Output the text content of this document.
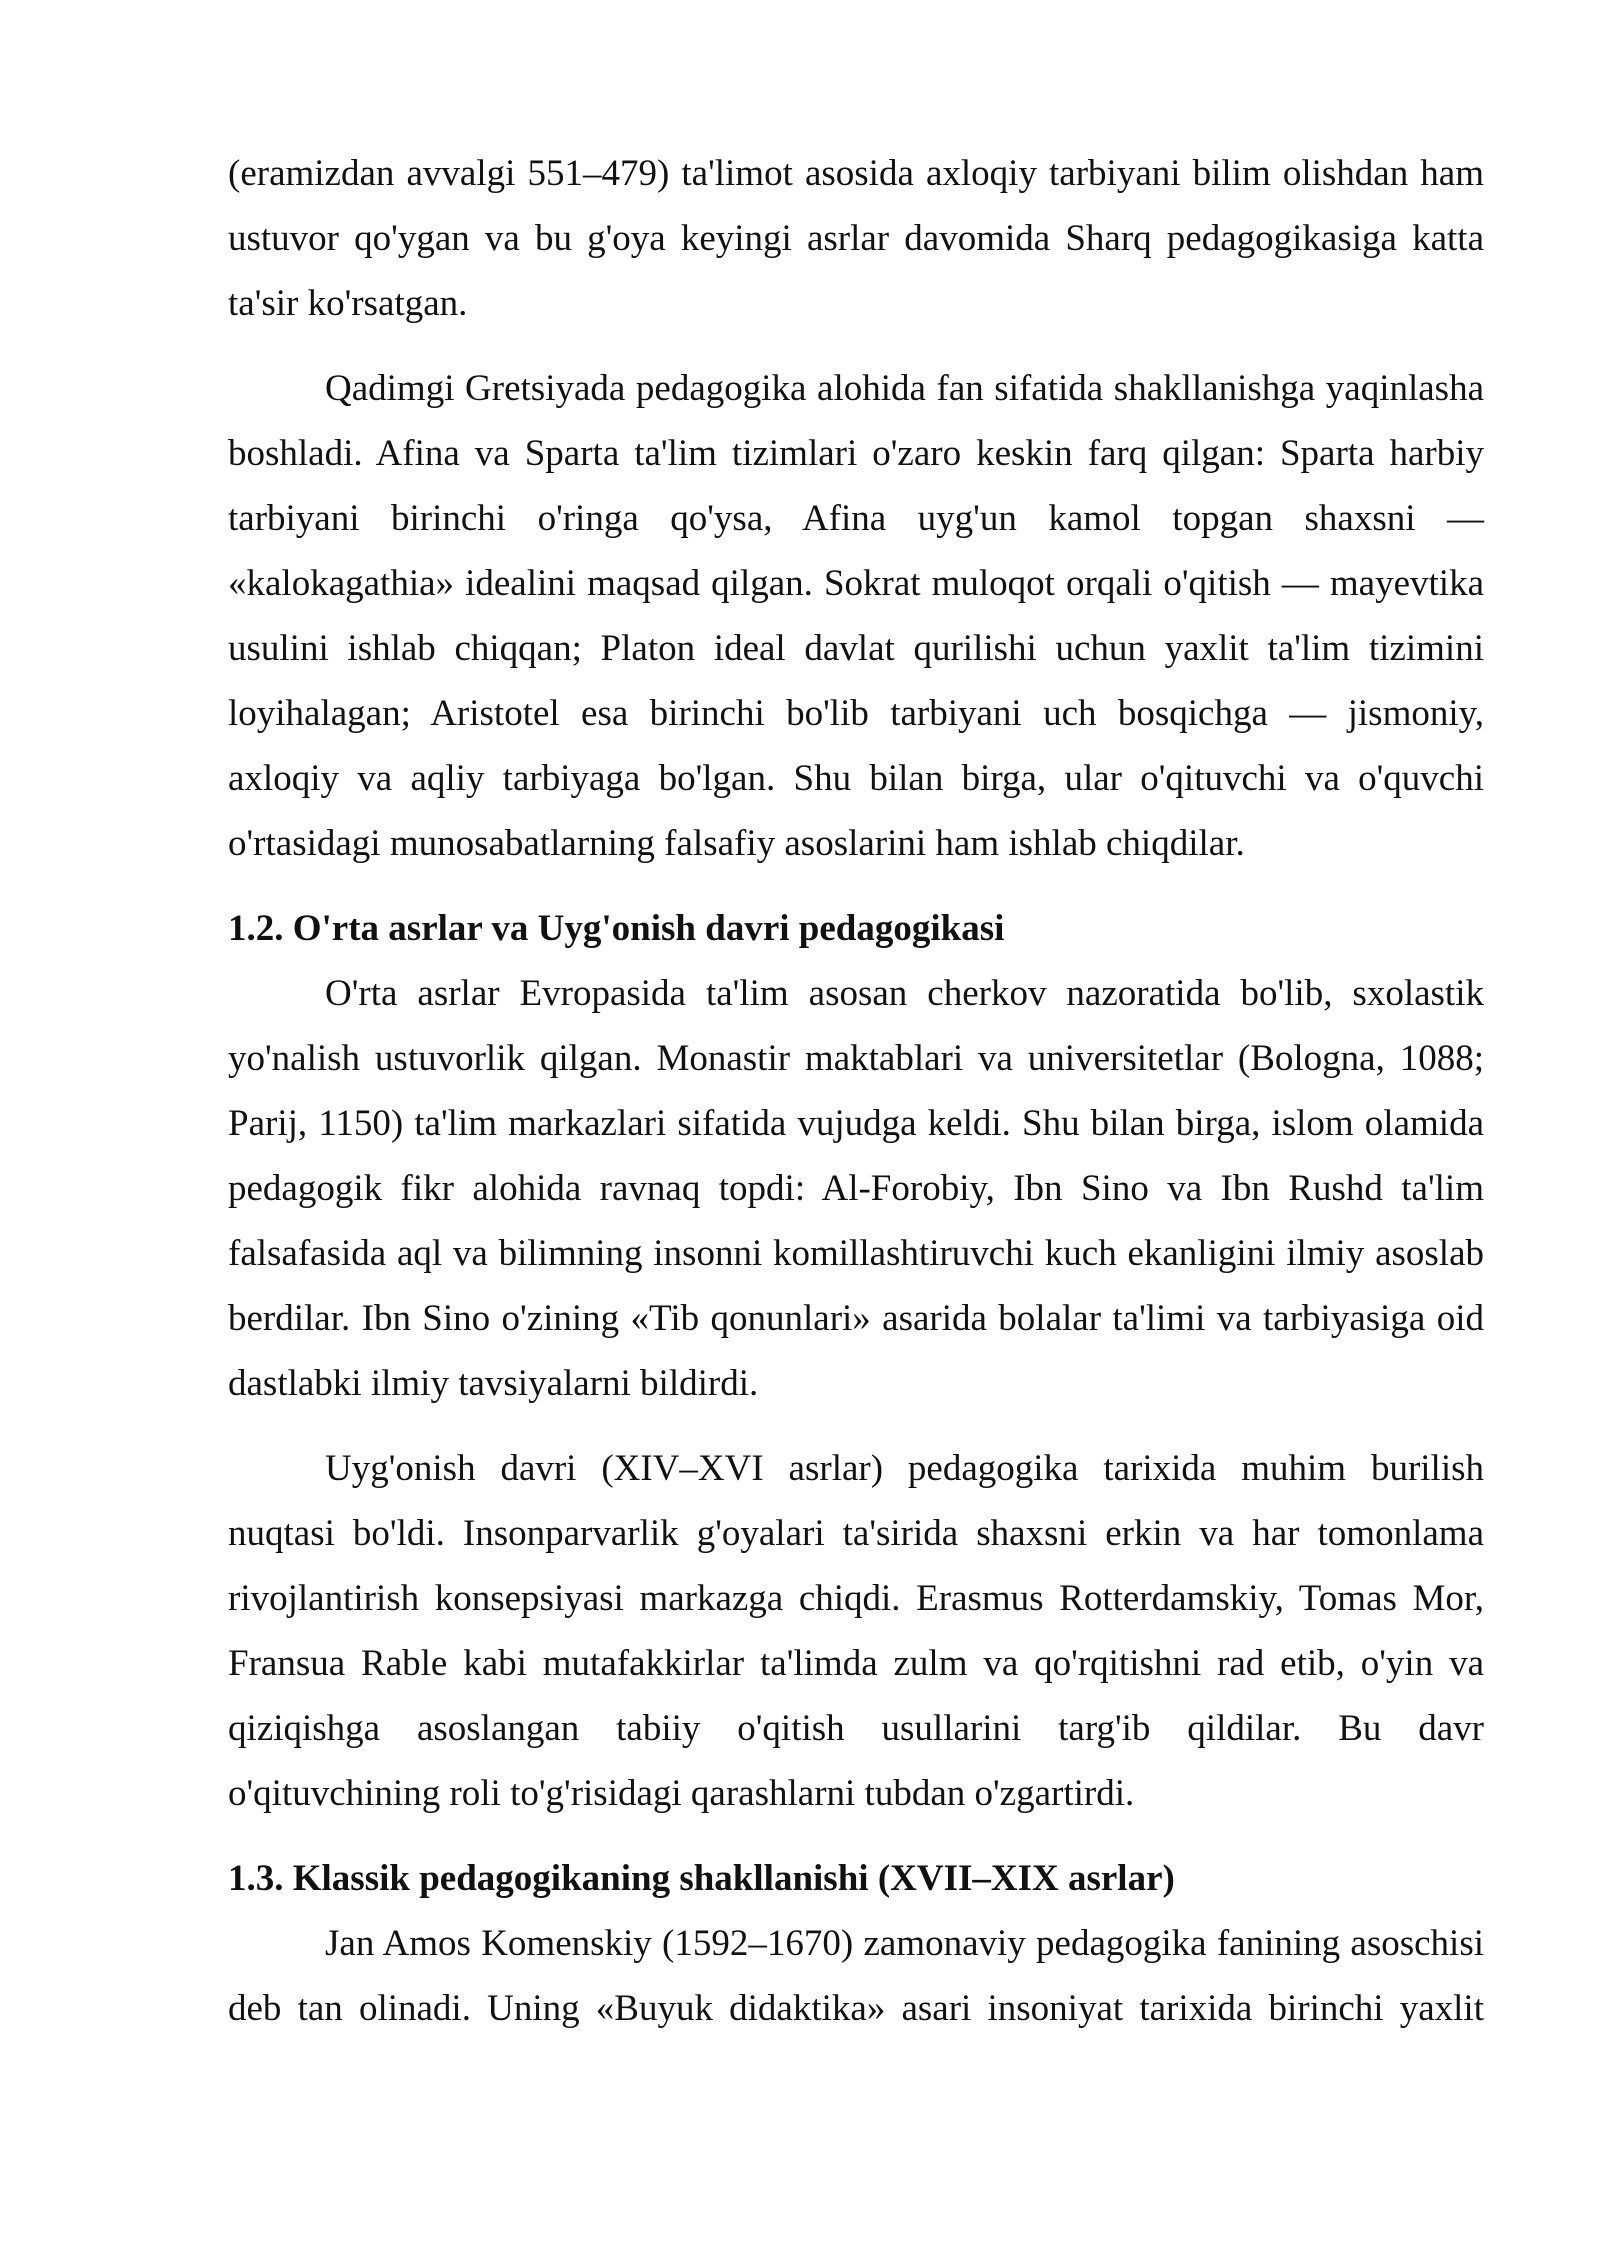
(eramizdan avvalgi 551–479) ta'limot asosida axloqiy tarbiyani bilim olishdan ham
ustuvor qo'ygan va bu g'oya keyingi asrlar davomida Sharq pedagogikasiga katta
ta'sir ko'rsatgan.
Qadimgi Gretsiyada pedagogika alohida fan sifatida shakllanishga yaqinlasha
boshladi. Afina va Sparta ta'lim tizimlari o'zaro keskin farq qilgan: Sparta harbiy
tarbiyani birinchi o'ringa qo'ysa, Afina uyg'un kamol topgan shaxsni —
«kalokagathia» idealini maqsad qilgan. Sokrat muloqot orqali o'qitish — mayevtika
usulini ishlab chiqqan; Platon ideal davlat qurilishi uchun yaxlit ta'lim tizimini
loyihalagan; Aristotel esa birinchi bo'lib tarbiyani uch bosqichga — jismoniy,
axloqiy va aqliy tarbiyaga bo'lgan. Shu bilan birga, ular o'qituvchi va o'quvchi
o'rtasidagi munosabatlarning falsafiy asoslarini ham ishlab chiqdilar.
1.2. O'rta asrlar va Uyg'onish davri pedagogikasi
O'rta asrlar Evropasida ta'lim asosan cherkov nazoratida bo'lib, sxolastik
yo'nalish ustuvorlik qilgan. Monastir maktablari va universitetlar (Bologna, 1088;
Parij, 1150) ta'lim markazlari sifatida vujudga keldi. Shu bilan birga, islom olamida
pedagogik fikr alohida ravnaq topdi: Al-Forobiy, Ibn Sino va Ibn Rushd ta'lim
falsafasida aql va bilimning insonni komillashtiruvchi kuch ekanligini ilmiy asoslab
berdilar. Ibn Sino o'zining «Tib qonunlari» asarida bolalar ta'limi va tarbiyasiga oid
dastlabki ilmiy tavsiyalarni bildirdi.
Uyg'onish davri (XIV–XVI asrlar) pedagogika tarixida muhim burilish
nuqtasi bo'ldi. Insonparvarlik g'oyalari ta'sirida shaxsni erkin va har tomonlama
rivojlantirish konsepsiyasi markazga chiqdi. Erasmus Rotterdamskiy, Tomas Mor,
Fransua Rable kabi mutafakkirlar ta'limda zulm va qo'rqitishni rad etib, o'yin va
qiziqishga asoslangan tabiiy o'qitish usullarini targ'ib qildilar. Bu davr
o'qituvchining roli to'g'risidagi qarashlarni tubdan o'zgartirdi.
1.3. Klassik pedagogikaning shakllanishi (XVII–XIX asrlar)
Jan Amos Komenskiy (1592–1670) zamonaviy pedagogika fanining asoschisi
deb tan olinadi. Uning «Buyuk didaktika» asari insoniyat tarixida birinchi yaxlit
